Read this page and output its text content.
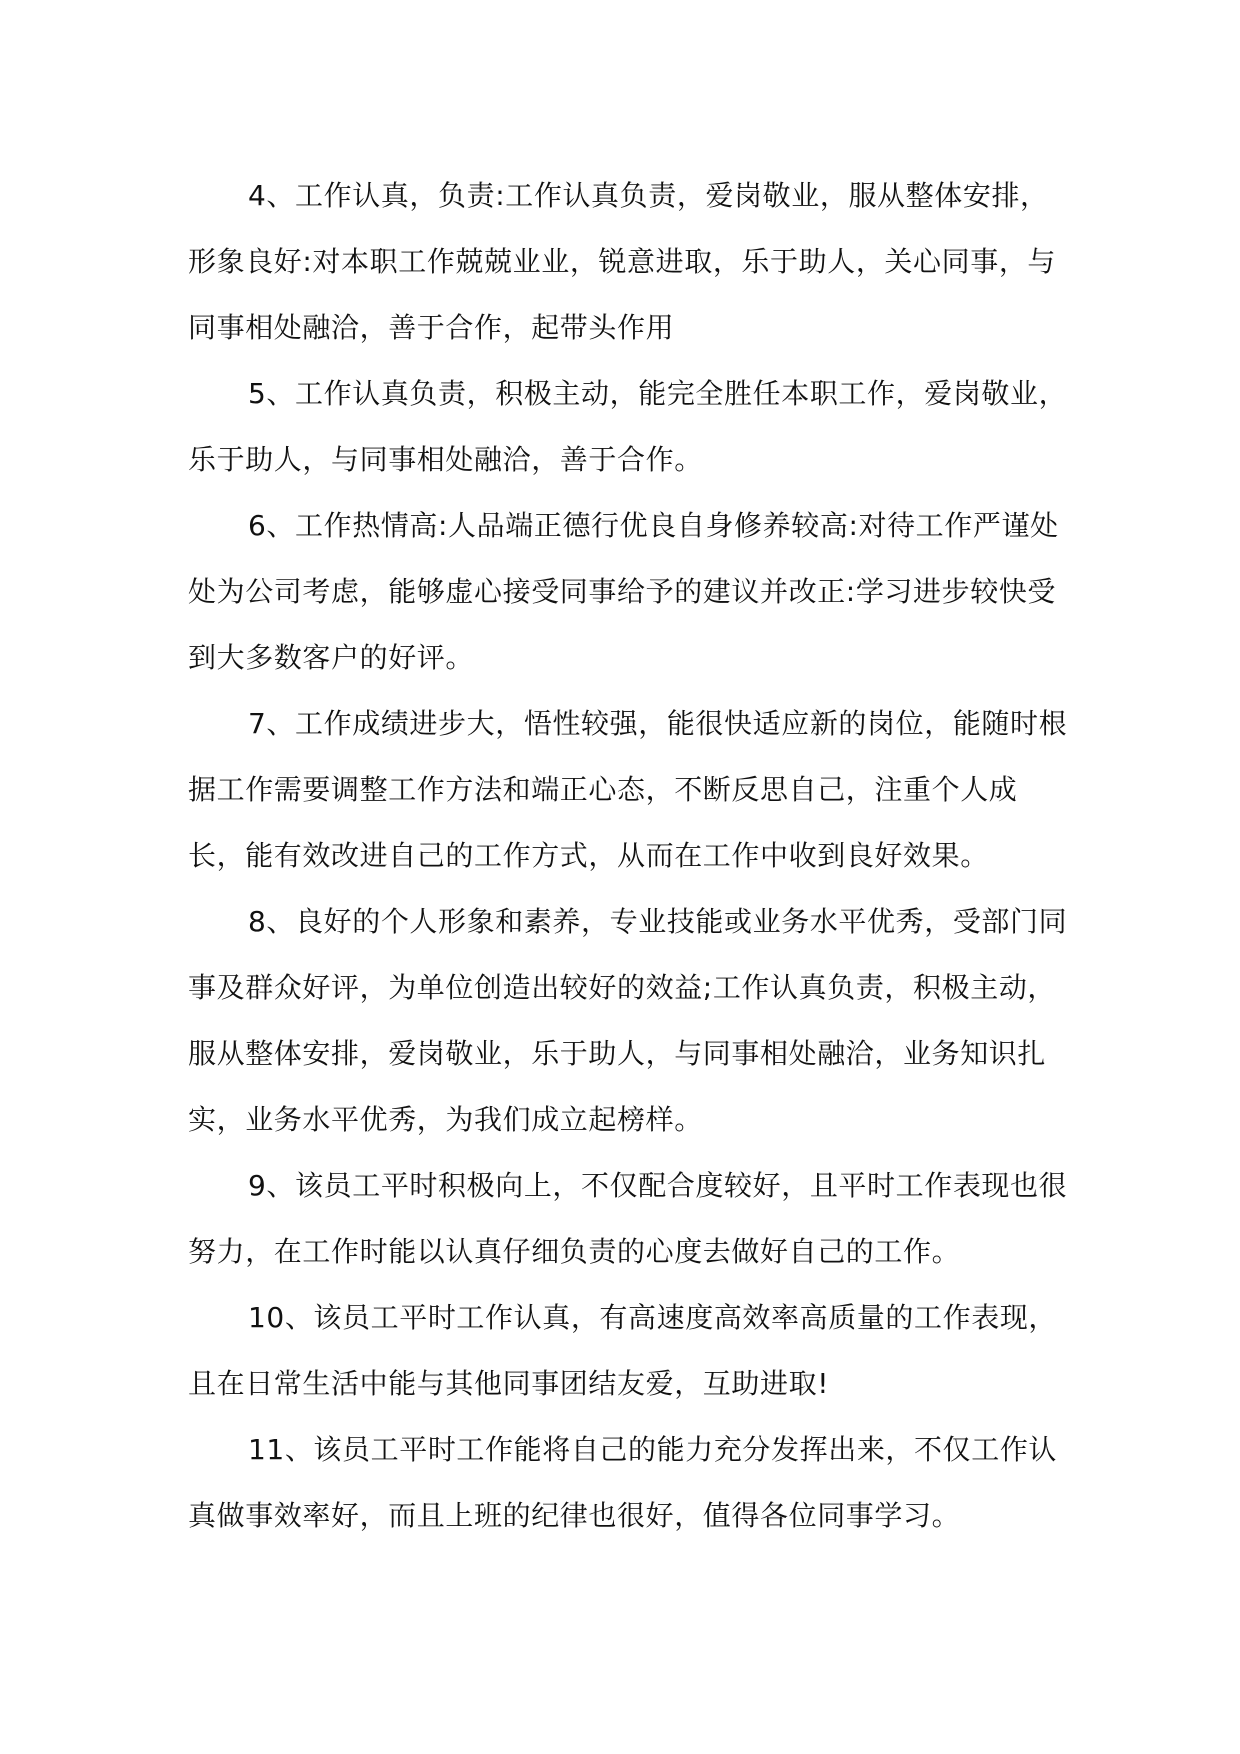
4、工作认真，负责:工作认真负责，爱岗敬业，服从整体安排，形象良好:对本职工作兢兢业业，锐意进取，乐于助人，关心同事，与同事相处融洽，善于合作，起带头作用

5、工作认真负责，积极主动，能完全胜任本职工作，爱岗敬业，乐于助人，与同事相处融洽，善于合作。

6、工作热情高:人品端正德行优良自身修养较高:对待工作严谨处处为公司考虑，能够虚心接受同事给予的建议并改正:学习进步较快受到大多数客户的好评。

7、工作成绩进步大，悟性较强，能很快适应新的岗位，能随时根据工作需要调整工作方法和端正心态，不断反思自己，注重个人成长，能有效改进自己的工作方式，从而在工作中收到良好效果。

8、良好的个人形象和素养，专业技能或业务水平优秀，受部门同事及群众好评，为单位创造出较好的效益;工作认真负责，积极主动，服从整体安排，爱岗敬业，乐于助人，与同事相处融洽，业务知识扎实，业务水平优秀，为我们成立起榜样。

9、该员工平时积极向上，不仅配合度较好，且平时工作表现也很努力，在工作时能以认真仔细负责的心度去做好自己的工作。

10、该员工平时工作认真，有高速度高效率高质量的工作表现，且在日常生活中能与其他同事团结友爱，互助进取!

11、该员工平时工作能将自己的能力充分发挥出来，不仅工作认真做事效率好，而且上班的纪律也很好，值得各位同事学习。
